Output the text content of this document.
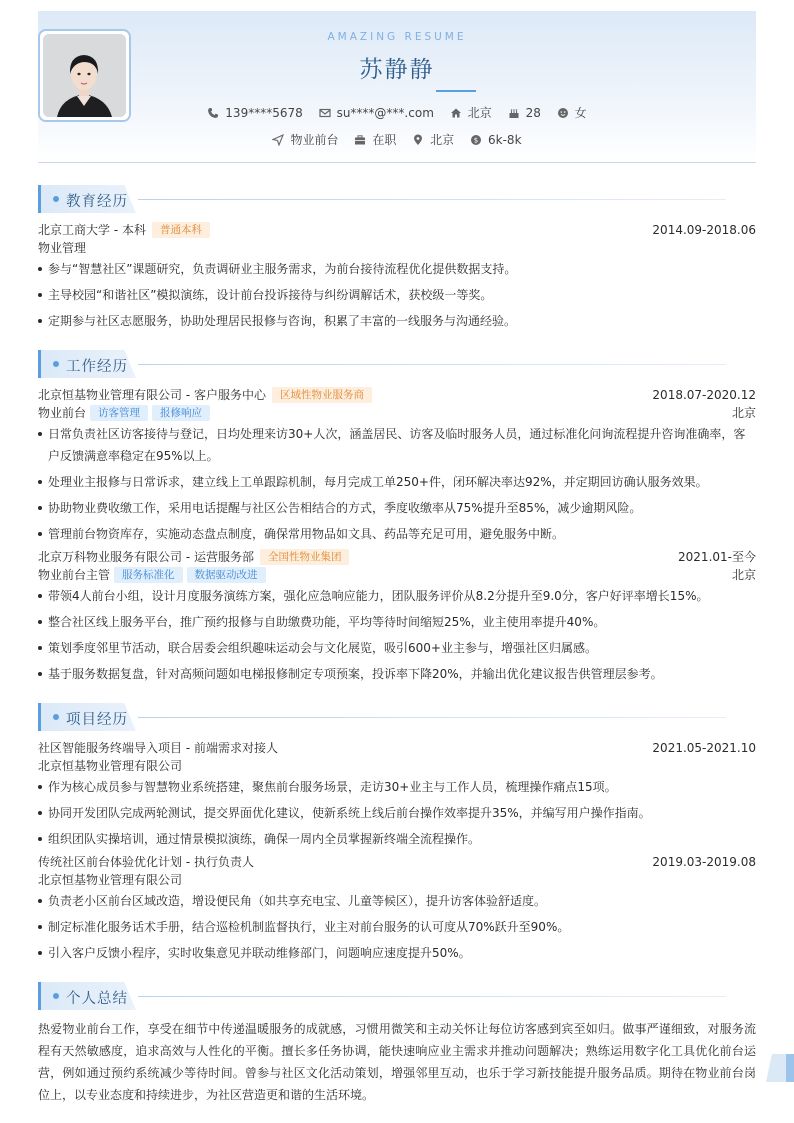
AMAZING RESUME
苏静静
139****5678
	su****@***.com
	北京
	28
	女
物业前台
	在职
	北京
	$ 6k-8k
教育经历
北京工商大学 - 本科 普通本科	2014.09-2018.06
物业管理
参与“智慧社区”课题研究，负责调研业主服务需求，为前台接待流程优化提供数据支持。
主导校园“和谐社区”模拟演练，设计前台投诉接待与纠纷调解话术，获校级一等奖。
定期参与社区志愿服务，协助处理居民报修与咨询，积累了丰富的一线服务与沟通经验。
工作经历
北京恒基物业管理有限公司 - 客户服务中心 区域性物业服务商	2018.07-2020.12
物业前台 访客管理 报修响应	北京
日常负责社区访客接待与登记，日均处理来访30+人次，涵盖居民、访客及临时服务人员，通过标准化问询流程提升咨询准确率，客户反馈满意率稳定在95%以上。
处理业主报修与日常诉求，建立线上工单跟踪机制，每月完成工单250+件，闭环解决率达92%，并定期回访确认服务效果。
协助物业费收缴工作，采用电话提醒与社区公告相结合的方式，季度收缴率从75%提升至85%，减少逾期风险。
管理前台物资库存，实施动态盘点制度，确保常用物品如文具、药品等充足可用，避免服务中断。
北京万科物业服务有限公司 - 运营服务部 全国性物业集团	2021.01-至今
物业前台主管 服务标准化 数据驱动改进	北京
带领4人前台小组，设计月度服务演练方案，强化应急响应能力，团队服务评价从8.2分提升至9.0分，客户好评率增长15%。
整合社区线上服务平台，推广预约报修与自助缴费功能，平均等待时间缩短25%，业主使用率提升40%。
策划季度邻里节活动，联合居委会组织趣味运动会与文化展览，吸引600+业主参与，增强社区归属感。
基于服务数据复盘，针对高频问题如电梯报修制定专项预案，投诉率下降20%，并输出优化建议报告供管理层参考。
项目经历
社区智能服务终端导入项目 - 前端需求对接人	2021.05-2021.10
北京恒基物业管理有限公司
作为核心成员参与智慧物业系统搭建，聚焦前台服务场景，走访30+业主与工作人员，梳理操作痛点15项。
协同开发团队完成两轮测试，提交界面优化建议，使新系统上线后前台操作效率提升35%，并编写用户操作指南。
组织团队实操培训，通过情景模拟演练，确保一周内全员掌握新终端全流程操作。
传统社区前台体验优化计划 - 执行负责人	2019.03-2019.08
北京恒基物业管理有限公司
负责老小区前台区域改造，增设便民角（如共享充电宝、儿童等候区），提升访客体验舒适度。
制定标准化服务话术手册，结合巡检机制监督执行，业主对前台服务的认可度从70%跃升至90%。
引入客户反馈小程序，实时收集意见并联动维修部门，问题响应速度提升50%。
个人总结
热爱物业前台工作，享受在细节中传递温暖服务的成就感，习惯用微笑和主动关怀让每位访客感到宾至如归。做事严谨细致，对服务流程有天然敏感度，追求高效与人性化的平衡。擅长多任务协调，能快速响应业主需求并推动问题解决；熟练运用数字化工具优化前台运营，例如通过预约系统减少等待时间。曾参与社区文化活动策划，增强邻里互动，也乐于学习新技能提升服务品质。期待在物业前台岗位上，以专业态度和持续进步，为社区营造更和谐的生活环境。
